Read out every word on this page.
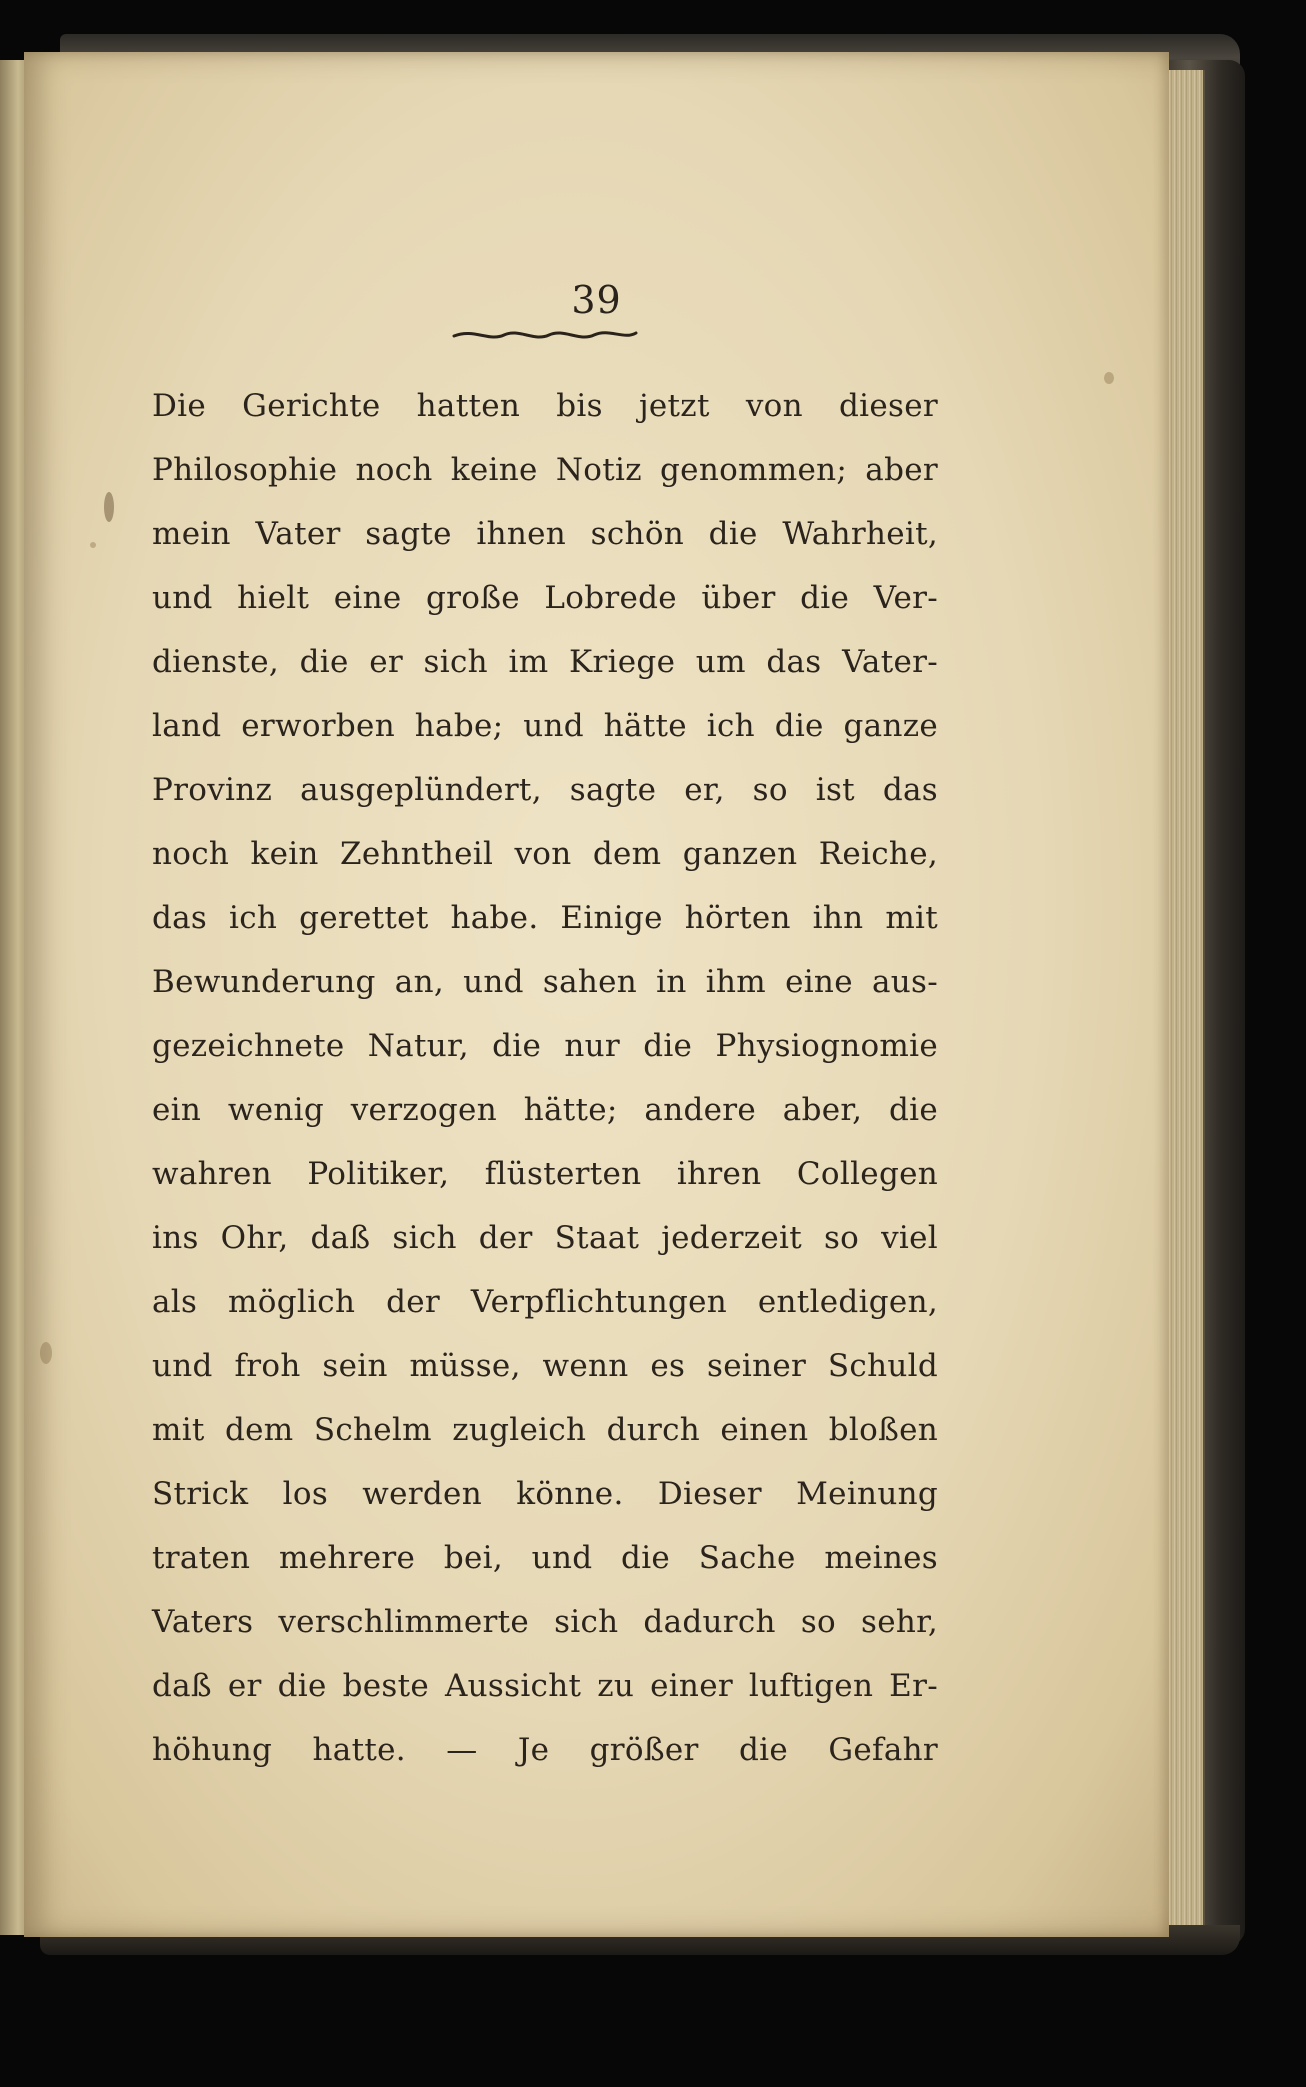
39
Die Gerichte hatten bis jetzt von dieser
Philosophie noch keine Notiz genommen; aber
mein Vater sagte ihnen schön die Wahrheit,
und hielt eine große Lobrede über die Ver-
dienste, die er sich im Kriege um das Vater-
land erworben habe; und hätte ich die ganze
Provinz ausgeplündert, sagte er, so ist das
noch kein Zehntheil von dem ganzen Reiche,
das ich gerettet habe. Einige hörten ihn mit
Bewunderung an, und sahen in ihm eine aus-
gezeichnete Natur, die nur die Physiognomie
ein wenig verzogen hätte; andere aber, die
wahren Politiker, flüsterten ihren Collegen
ins Ohr, daß sich der Staat jederzeit so viel
als möglich der Verpflichtungen entledigen,
und froh sein müsse, wenn es seiner Schuld
mit dem Schelm zugleich durch einen bloßen
Strick los werden könne. Dieser Meinung
traten mehrere bei, und die Sache meines
Vaters verschlimmerte sich dadurch so sehr,
daß er die beste Aussicht zu einer luftigen Er-
höhung hatte. — Je größer die Gefahr
